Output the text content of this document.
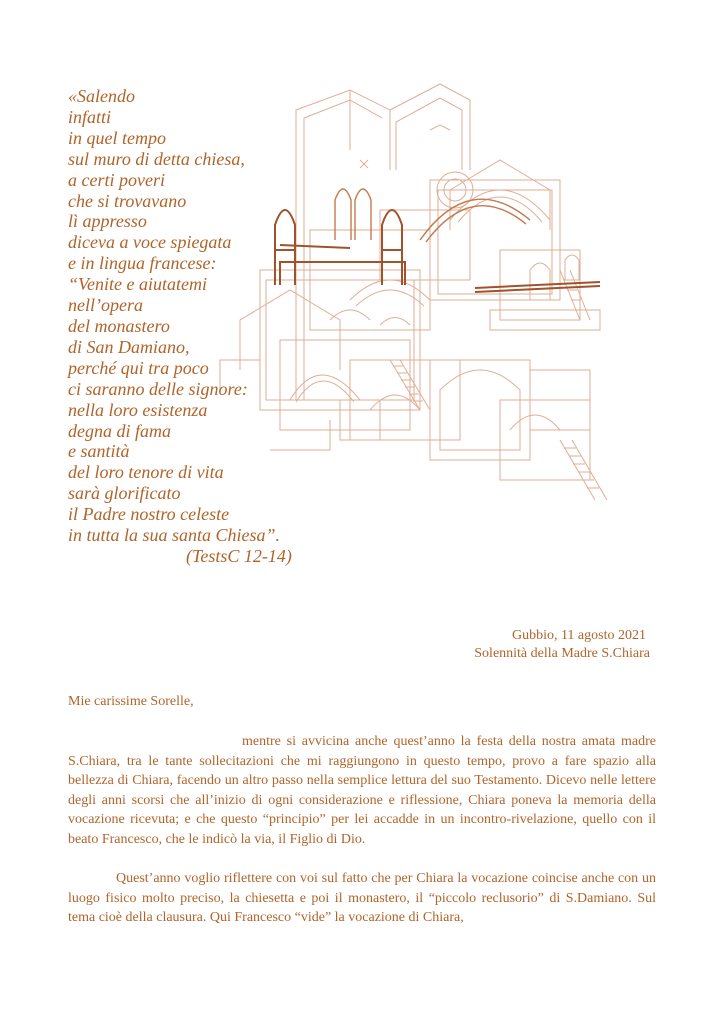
«Salendo
infatti
in quel tempo
sul muro di detta chiesa,
a certi poveri
che si trovavano
lì appresso
diceva a voce spiegata
e in lingua francese:
“Venite e aiutatemi
nell’opera
del monastero
di San Damiano,
perché qui tra poco
ci saranno delle signore:
nella loro esistenza
degna di fama
e santità
del loro tenore di vita
sarà glorificato
il Padre nostro celeste
in tutta la sua santa Chiesa”.
(TestsC 12-14)
Gubbio, 11 agosto 2021
Solennità della Madre S.Chiara
Mie carissime Sorelle,

mentre si avvicina anche quest’anno la festa della nostra amata madre S.Chiara, tra le tante sollecitazioni che mi raggiungono in questo tempo, provo a fare spazio alla bellezza di Chiara, facendo un altro passo nella semplice lettura del suo Testamento. Dicevo nelle lettere degli anni scorsi che all’inizio di ogni considerazione e riflessione, Chiara poneva la memoria della vocazione ricevuta; e che questo “principio” per lei accadde in un incontro-rivelazione, quello con il beato Francesco, che le indicò la via, il Figlio di Dio.

Quest’anno voglio riflettere con voi sul fatto che per Chiara la vocazione coincise anche con un luogo fisico molto preciso, la chiesetta e poi il monastero, il “piccolo reclusorio” di S.Damiano. Sul tema cioè della clausura. Qui Francesco “vide” la vocazione di Chiara,
